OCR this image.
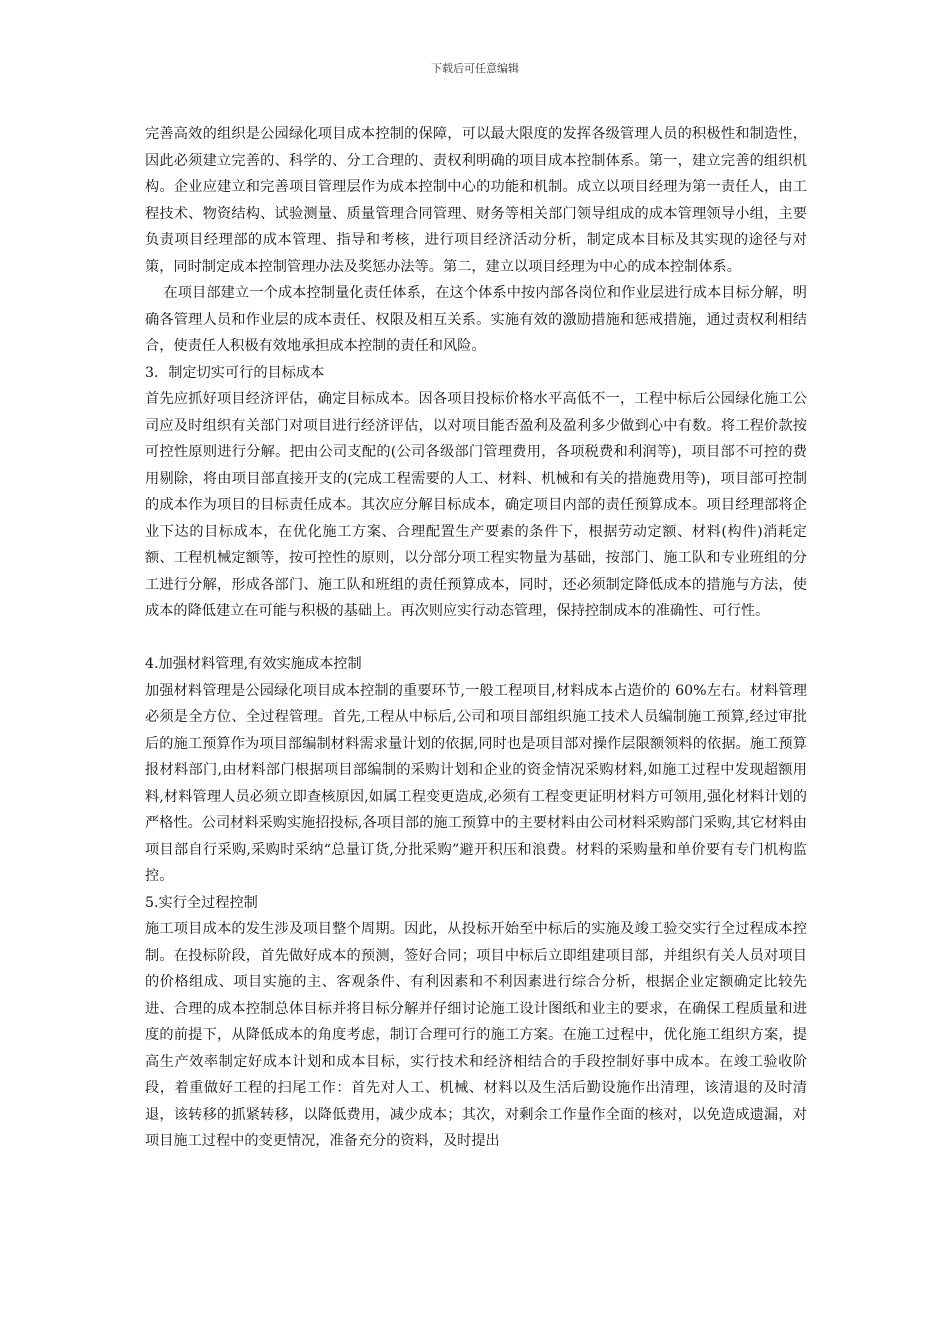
下载后可任意编辑

完善高效的组织是公园绿化项目成本控制的保障，可以最大限度的发挥各级管理人员的积极性和制造性，因此必须建立完善的、科学的、分工合理的、责权利明确的项目成本控制体系。第一，建立完善的组织机构。企业应建立和完善项目管理层作为成本控制中心的功能和机制。成立以项目经理为第一责任人，由工程技术、物资结构、试验测量、质量管理合同管理、财务等相关部门领导组成的成本管理领导小组，主要负责项目经理部的成本管理、指导和考核，进行项目经济活动分析，制定成本目标及其实现的途径与对策，同时制定成本控制管理办法及奖惩办法等。第二，建立以项目经理为中心的成本控制体系。

在项目部建立一个成本控制量化责任体系，在这个体系中按内部各岗位和作业层进行成本目标分解，明确各管理人员和作业层的成本责任、权限及相互关系。实施有效的激励措施和惩戒措施，通过责权利相结合，使责任人积极有效地承担成本控制的责任和风险。

3．制定切实可行的目标成本

首先应抓好项目经济评估，确定目标成本。因各项目投标价格水平高低不一，工程中标后公园绿化施工公司应及时组织有关部门对项目进行经济评估，以对项目能否盈利及盈利多少做到心中有数。将工程价款按可控性原则进行分解。把由公司支配的(公司各级部门管理费用，各项税费和利润等)，项目部不可控的费用剔除，将由项目部直接开支的(完成工程需要的人工、材料、机械和有关的措施费用等)，项目部可控制的成本作为项目的目标责任成本。其次应分解目标成本，确定项目内部的责任预算成本。项目经理部将企业下达的目标成本，在优化施工方案、合理配置生产要素的条件下，根据劳动定额、材料(构件)消耗定额、工程机械定额等，按可控性的原则，以分部分项工程实物量为基础，按部门、施工队和专业班组的分工进行分解，形成各部门、施工队和班组的责任预算成本，同时，还必须制定降低成本的措施与方法，使成本的降低建立在可能与积极的基础上。再次则应实行动态管理，保持控制成本的准确性、可行性。

4.加强材料管理,有效实施成本控制

加强材料管理是公园绿化项目成本控制的重要环节,一般工程项目,材料成本占造价的 60%左右。材料管理必须是全方位、全过程管理。首先,工程从中标后,公司和项目部组织施工技术人员编制施工预算,经过审批后的施工预算作为项目部编制材料需求量计划的依据,同时也是项目部对操作层限额领料的依据。施工预算报材料部门,由材料部门根据项目部编制的采购计划和企业的资金情况采购材料,如施工过程中发现超额用料,材料管理人员必须立即查核原因,如属工程变更造成,必须有工程变更证明材料方可领用,强化材料计划的严格性。公司材料采购实施招投标,各项目部的施工预算中的主要材料由公司材料采购部门采购,其它材料由项目部自行采购,采购时采纳“总量订货,分批采购”避开积压和浪费。材料的采购量和单价要有专门机构监控。

5.实行全过程控制

施工项目成本的发生涉及项目整个周期。因此，从投标开始至中标后的实施及竣工验交实行全过程成本控制。在投标阶段，首先做好成本的预测，签好合同；项目中标后立即组建项目部，并组织有关人员对项目的价格组成、项目实施的主、客观条件、有利因素和不利因素进行综合分析，根据企业定额确定比较先进、合理的成本控制总体目标并将目标分解并仔细讨论施工设计图纸和业主的要求，在确保工程质量和进度的前提下，从降低成本的角度考虑，制订合理可行的施工方案。在施工过程中，优化施工组织方案，提高生产效率制定好成本计划和成本目标，实行技术和经济相结合的手段控制好事中成本。在竣工验收阶段，着重做好工程的扫尾工作：首先对人工、机械、材料以及生活后勤设施作出清理，该清退的及时清退，该转移的抓紧转移，以降低费用，减少成本；其次，对剩余工作量作全面的核对，以免造成遗漏，对项目施工过程中的变更情况，准备充分的资料，及时提出
